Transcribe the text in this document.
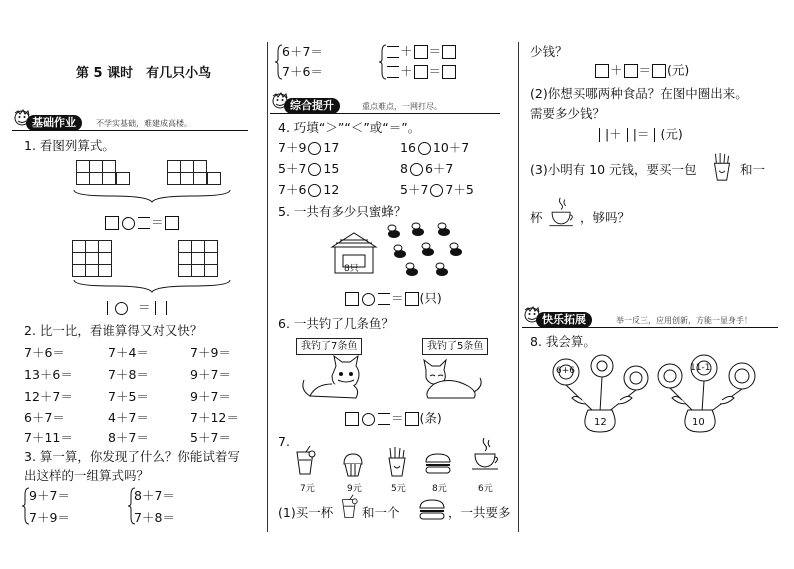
第 5 课时　有几只小鸟
基础作业	不学实基础，难建成高楼。
1. 看图列算式。
＝
＝
2. 比一比，看谁算得又对又快？
7＋6＝	7＋4＝	7＋9＝
13＋6＝	7＋8＝	9＋7＝
12＋7＝	7＋5＝	9＋7＝
6＋7＝	4＋7＝	7＋12＝
7＋11＝	8＋7＝	5＋7＝
3. 算一算，你发现了什么？你能试着写
出这样的一组算式吗？
9＋7＝
7＋9＝
8＋7＝
7＋8＝
6＋7＝
7＋6＝
＋ ＝
＋ ＝
综合提升	重点难点，一网打尽。
4. 巧填“＞”“＜”或“＝”。
7＋9 17	16 10＋7
5＋7 15	8 6＋7
7＋6 12	5＋7 7＋5
5. 一共有多少只蜜蜂？
8只
＝ (只)
6. 一共钓了几条鱼？
我钓了7条鱼	我钓了5条鱼
＝ (条)
7.
7元	9元	5元	8元	6元
(1)买一杯 和一个	，一共要多
少钱？
＋ ＝ (元)
(2)你想买哪两种食品？在图中圈出来。
需要多少钱？
|＋ |＝ (元)
(3)小明有 10 元钱，要买一包	和一
杯	，够吗？
快乐拓展	举一反三，应用创新，方能一显身手！
8. 我会算。
6+6
12
11-1
10
